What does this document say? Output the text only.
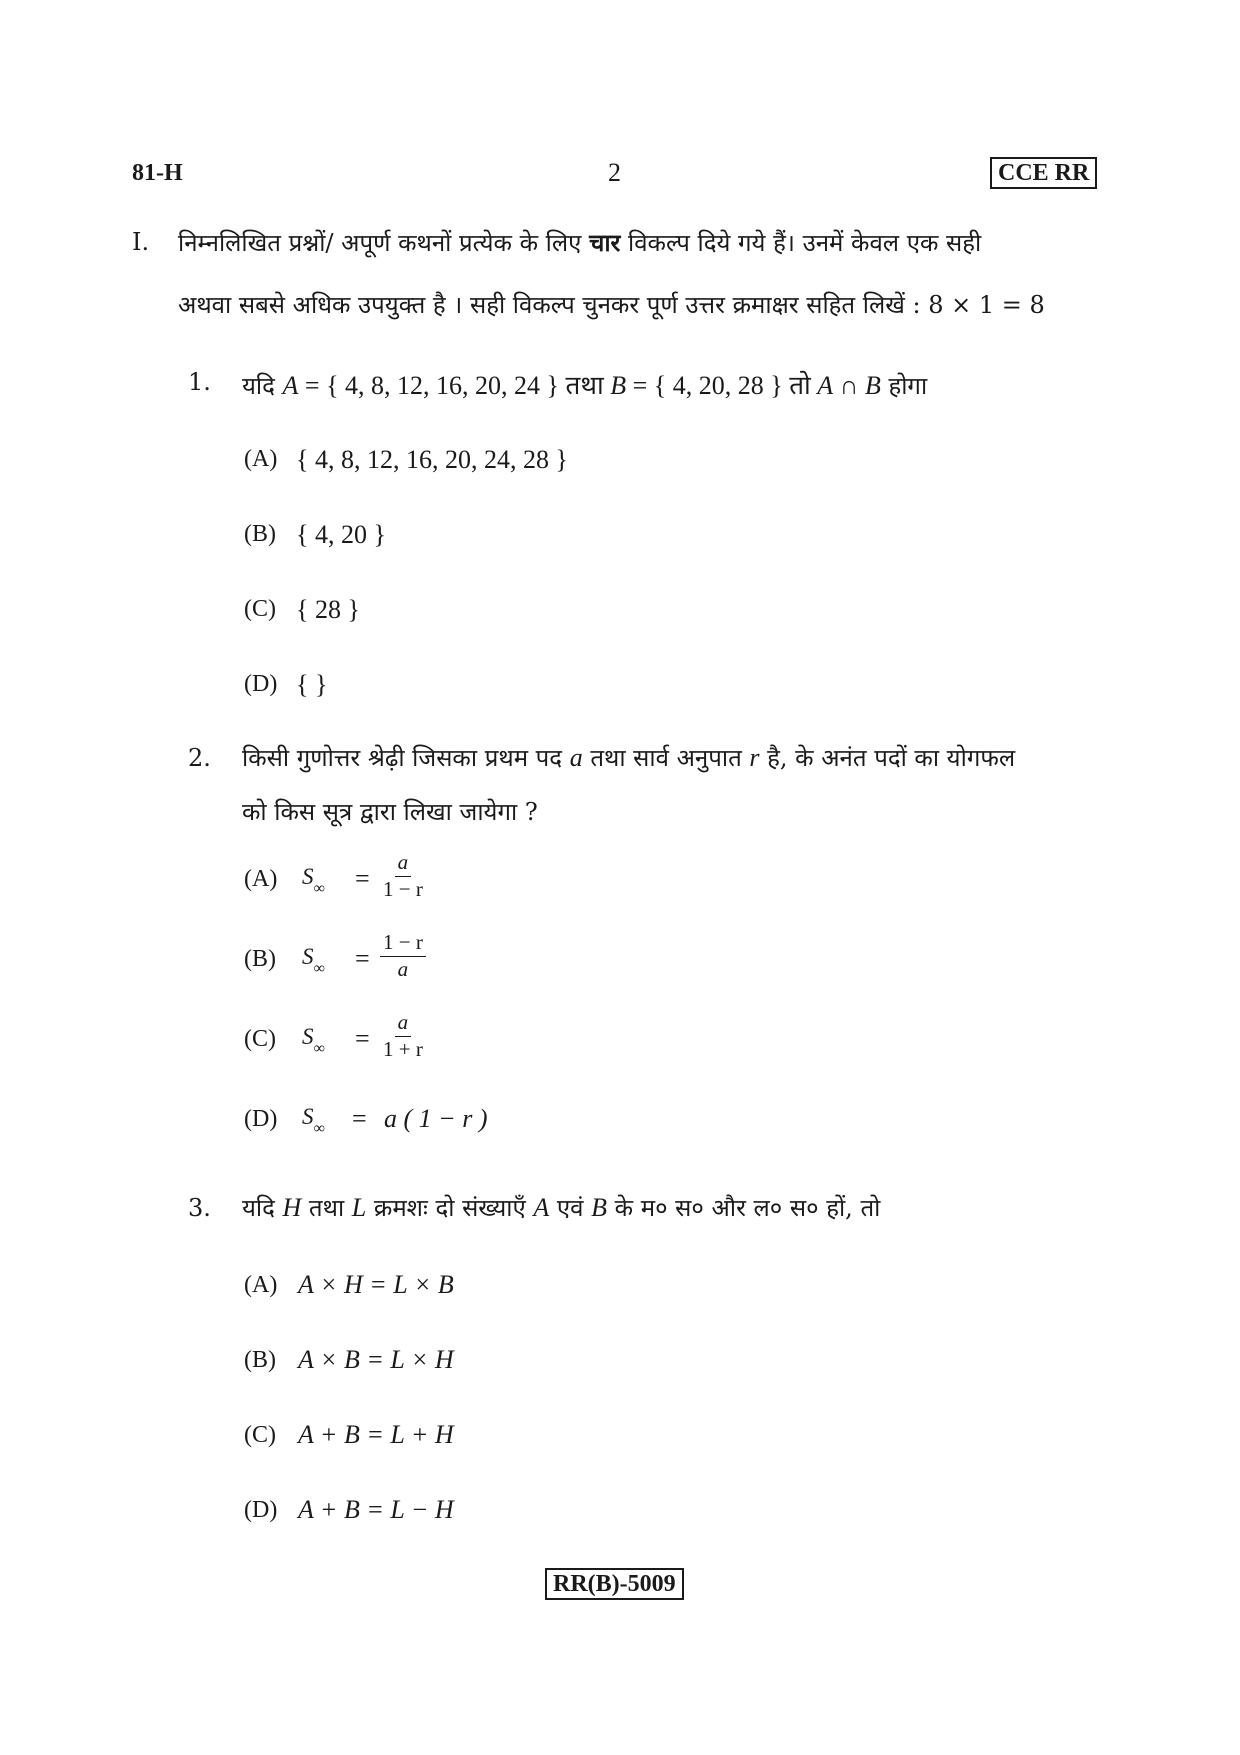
81-H	2	CCE RR
I. निम्नलिखित प्रश्नों/ अपूर्ण कथनों प्रत्येक के लिए चार विकल्प दिये गये हैं। उनमें केवल एक सही
अथवा सबसे अधिक उपयुक्त है । सही विकल्प चुनकर पूर्ण उत्तर क्रमाक्षर सहित लिखें : 8 × 1 = 8
1. यदि A = { 4, 8, 12, 16, 20, 24 } तथा B = { 4, 20, 28 } तो A ∩ B होगा
(A) { 4, 8, 12, 16, 20, 24, 28 }
(B) { 4, 20 }
(C) { 28 }
(D) { }
2. किसी गुणोत्तर श्रेढ़ी जिसका प्रथम पद a तथा सार्व अनुपात r है, के अनंत पदों का योगफल
को किस सूत्र द्वारा लिखा जायेगा ?
(A) $S_\infty = \frac{a}{1 - r}$
(B) $S_\infty = \frac{1 - r}{a}$
(C) $S_\infty = \frac{a}{1 + r}$
(D) $S_\infty = a$ ( 1 − r )
3. यदि H तथा L क्रमशः दो संख्याएँ A एवं B के म० स० और ल० स० हों, तो
(A) A × H = L × B
(B) A × B = L × H
(C) A + B = L + H
(D) A + B = L − H
RR(B)-5009
